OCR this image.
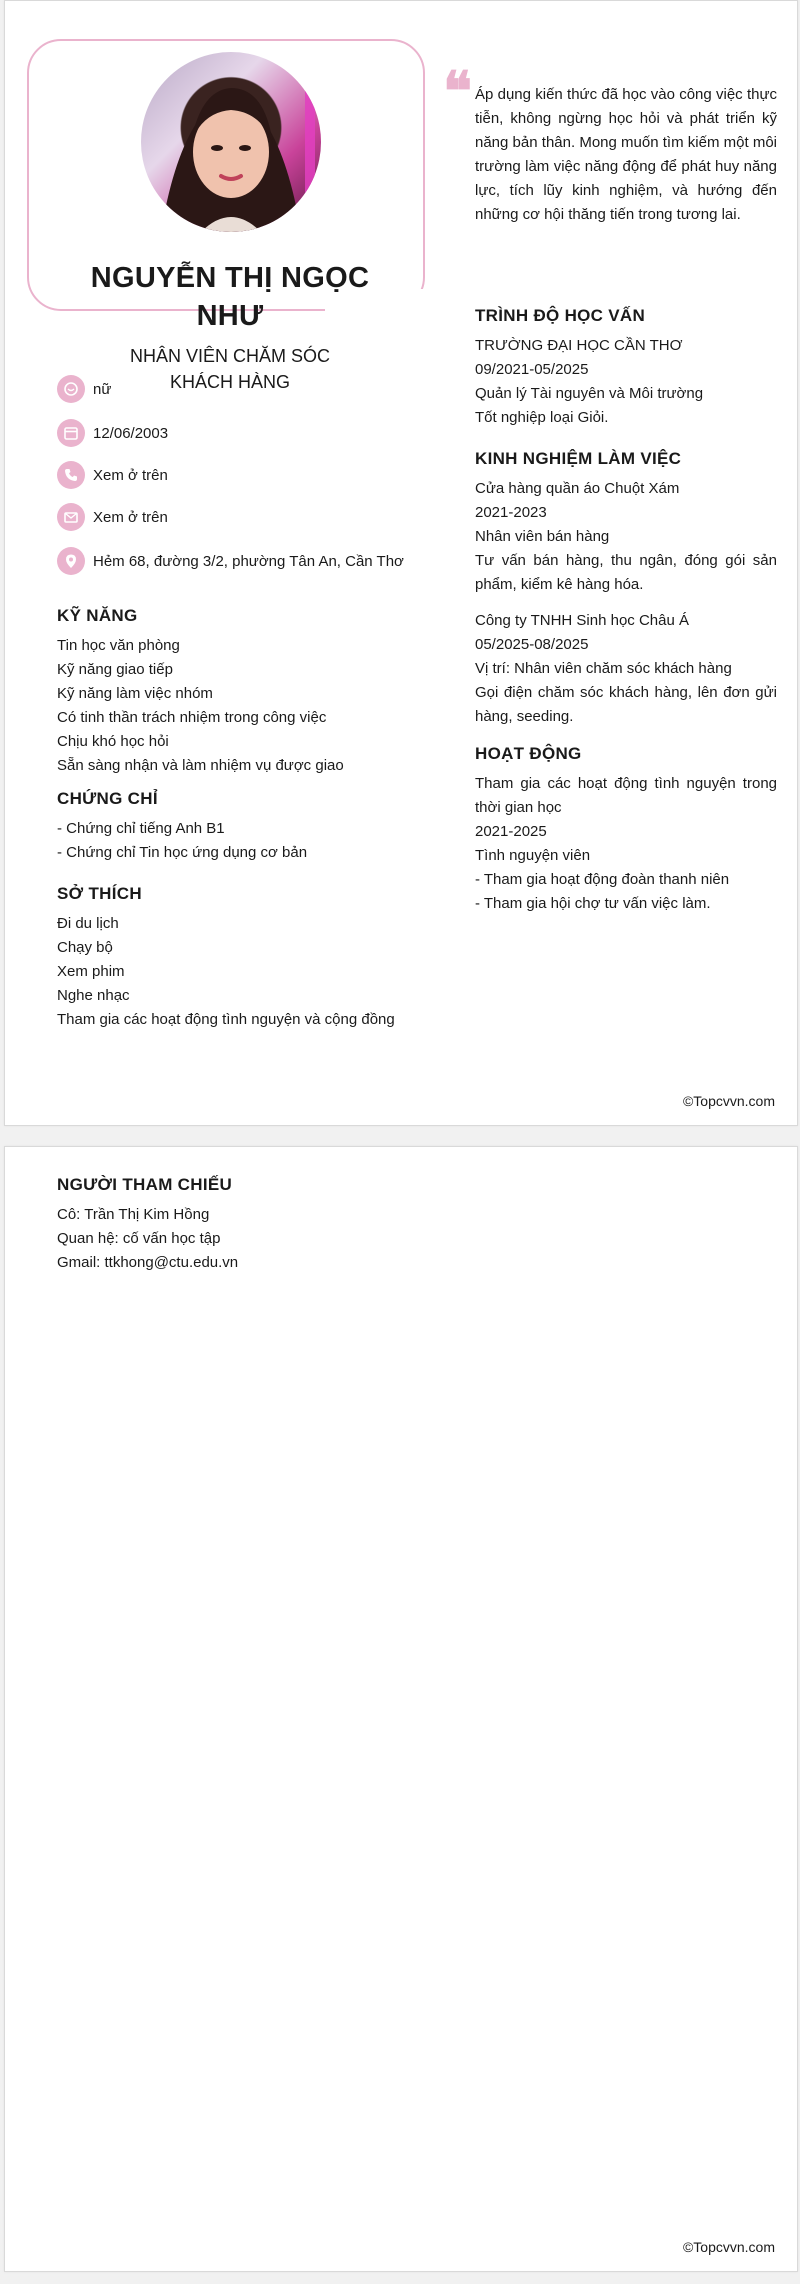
NGUYỄN THỊ NGỌC NHƯ
NHÂN VIÊN CHĂM SÓC KHÁCH HÀNG
nữ
12/06/2003
Xem ở trên
Xem ở trên
Hẻm 68, đường 3/2, phường Tân An, Cần Thơ
KỸ NĂNG
Tin học văn phòng
Kỹ năng giao tiếp
Kỹ năng làm việc nhóm
Có tinh thần trách nhiệm trong công việc
Chịu khó học hỏi
Sẵn sàng nhận và làm nhiệm vụ được giao
CHỨNG CHỈ
- Chứng chỉ tiếng Anh B1
- Chứng chỉ Tin học ứng dụng cơ bản
SỞ THÍCH
Đi du lịch
Chạy bộ
Xem phim
Nghe nhạc
Tham gia các hoạt động tình nguyện và cộng đồng
❝ Áp dụng kiến thức đã học vào công việc thực tiễn, không ngừng học hỏi và phát triển kỹ năng bản thân. Mong muốn tìm kiếm một môi trường làm việc năng động để phát huy năng lực, tích lũy kinh nghiệm, và hướng đến những cơ hội thăng tiến trong tương lai.
TRÌNH ĐỘ HỌC VẤN
TRƯỜNG ĐẠI HỌC CẦN THƠ
09/2021-05/2025
Quản lý Tài nguyên và Môi trường
Tốt nghiệp loại Giỏi.
KINH NGHIỆM LÀM VIỆC
Cửa hàng quần áo Chuột Xám
2021-2023
Nhân viên bán hàng
Tư vấn bán hàng, thu ngân, đóng gói sản phẩm, kiểm kê hàng hóa.
Công ty TNHH Sinh học Châu Á
05/2025-08/2025
Vị trí: Nhân viên chăm sóc khách hàng
Gọi điện chăm sóc khách hàng, lên đơn gửi hàng, seeding.
HOẠT ĐỘNG
Tham gia các hoạt động tình nguyện trong thời gian học
2021-2025
Tình nguyện viên
- Tham gia hoạt động đoàn thanh niên
- Tham gia hội chợ tư vấn việc làm.
©Topcvvn.com
NGƯỜI THAM CHIẾU
Cô: Trần Thị Kim Hồng
Quan hệ: cố vấn học tập
Gmail: ttkhong@ctu.edu.vn
©Topcvvn.com
